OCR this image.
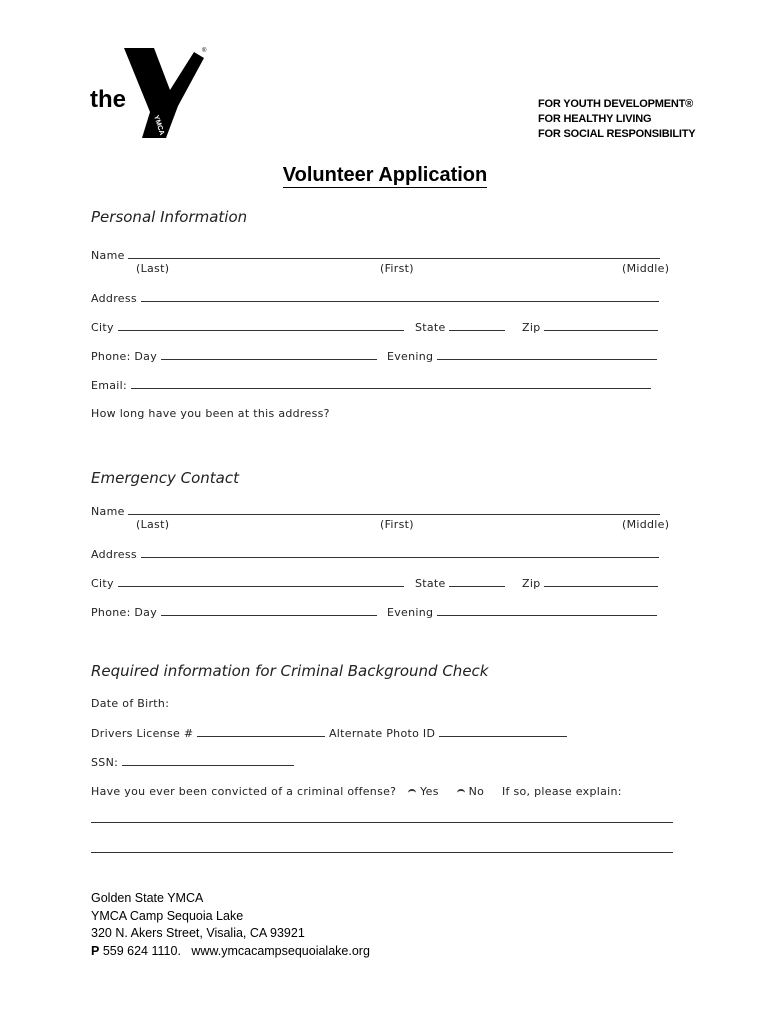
the
YMCA
®
FOR YOUTH DEVELOPMENT®
FOR HEALTHY LIVING
FOR SOCIAL RESPONSIBILITY
Volunteer Application
Personal Information
Name
(Last)	(First)	(Middle)
Address
City	State	Zip
Phone: Day	Evening
Email:
How long have you been at this address?
Emergency Contact
Name
(Last)	(First)	(Middle)
Address
City	State	Zip
Phone: Day	Evening
Required information for Criminal Background Check
Date of Birth:
Drivers License #	Alternate Photo ID
SSN:
Have you ever been convicted of a criminal offense? Yes	No If so, please explain:
Golden State YMCA
YMCA Camp Sequoia Lake
320 N. Akers Street, Visalia, CA 93921
P 559 624 1110. www.ymcacampsequoialake.org
